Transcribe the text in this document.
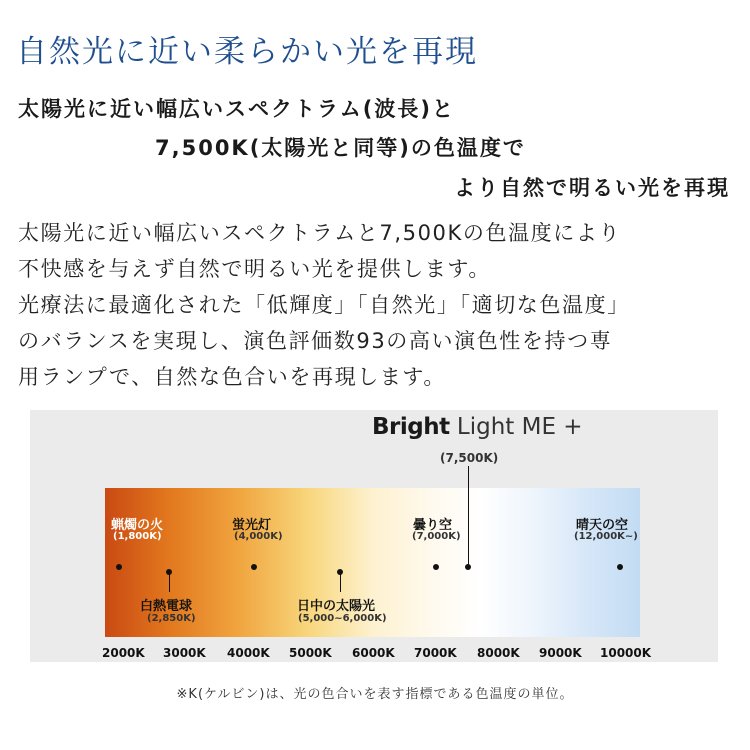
自然光に近い柔らかい光を再現
太陽光に近い幅広いスペクトラム(波長)と
7,500K(太陽光と同等)の色温度で
より自然で明るい光を再現
太陽光に近い幅広いスペクトラムと7,500Kの色温度により
不快感を与えず自然で明るい光を提供します。
光療法に最適化された「低輝度」「自然光」「適切な色温度」
のバランスを実現し、演色評価数93の高い演色性を持つ専
用ランプで、自然な色合いを再現します。
Bright Light ME +
(7,500K)
蝋燭の火
(1,800K)
白熱電球
(2,850K)
蛍光灯
(4,000K)
日中の太陽光
(5,000~6,000K)
曇り空
(7,000K)
晴天の空
(12,000K~)
2000K 3000K 4000K 5000K 6000K 7000K 8000K 9000K 10000K
※K(ケルビン)は、光の色合いを表す指標である色温度の単位。
